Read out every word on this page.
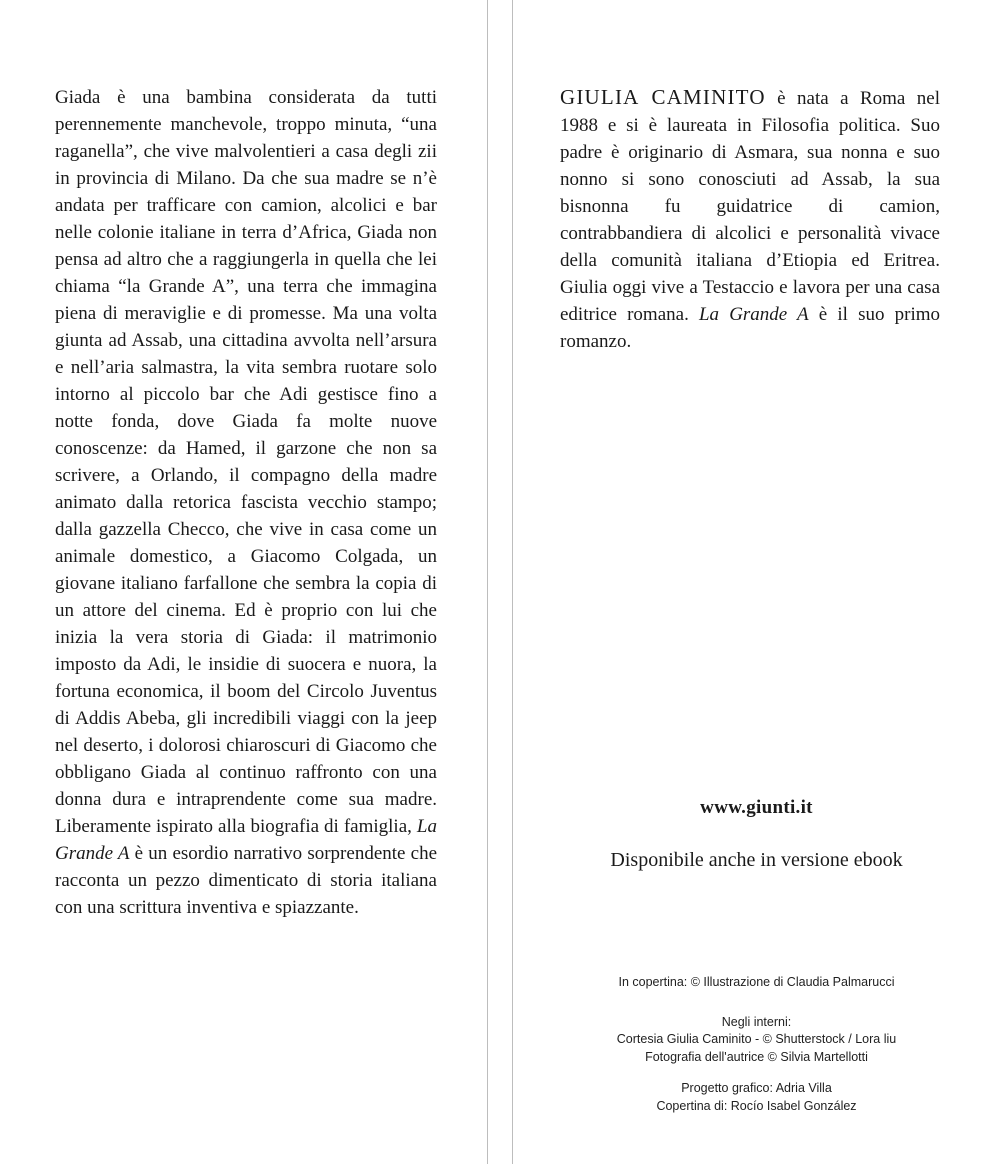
Giada è una bambina considerata da tutti perennemente manchevole, troppo minuta, “una raganella”, che vive malvolentieri a casa degli zii in provincia di Milano. Da che sua madre se n’è andata per trafficare con camion, alcolici e bar nelle colonie italiane in terra d’Africa, Giada non pensa ad altro che a raggiungerla in quella che lei chiama “la Grande A”, una terra che immagina piena di meraviglie e di promesse. Ma una volta giunta ad Assab, una cittadina avvolta nell’arsura e nell’aria salmastra, la vita sembra ruotare solo intorno al piccolo bar che Adi gestisce fino a notte fonda, dove Giada fa molte nuove conoscenze: da Hamed, il garzone che non sa scrivere, a Orlando, il compagno della madre animato dalla retorica fascista vecchio stampo; dalla gazzella Checco, che vive in casa come un animale domestico, a Giacomo Colgada, un giovane italiano farfallone che sembra la copia di un attore del cinema. Ed è proprio con lui che inizia la vera storia di Giada: il matrimonio imposto da Adi, le insidie di suocera e nuora, la fortuna economica, il boom del Circolo Juventus di Addis Abeba, gli incredibili viaggi con la jeep nel deserto, i dolorosi chiaroscuri di Giacomo che obbligano Giada al continuo raffronto con una donna dura e intraprendente come sua madre. Liberamente ispirato alla biografia di famiglia, La Grande A è un esordio narrativo sorprendente che racconta un pezzo dimenticato di storia italiana con una scrittura inventiva e spiazzante.

GIULIA CAMINITO è nata a Roma nel 1988 e si è laureata in Filosofia politica. Suo padre è originario di Asmara, sua nonna e suo nonno si sono conosciuti ad Assab, la sua bisnonna fu guidatrice di camion, contrabbandiera di alcolici e personalità vivace della comunità italiana d’Etiopia ed Eritrea. Giulia oggi vive a Testaccio e lavora per una casa editrice romana. La Grande A è il suo primo romanzo.

www.giunti.it
Disponibile anche in versione ebook

In copertina: © Illustrazione di Claudia Palmarucci

Negli interni:

Cortesia Giulia Caminito - © Shutterstock / Lora liu

Fotografia dell'autrice © Silvia Martellotti

Progetto grafico: Adria Villa

Copertina di: Rocío Isabel González
